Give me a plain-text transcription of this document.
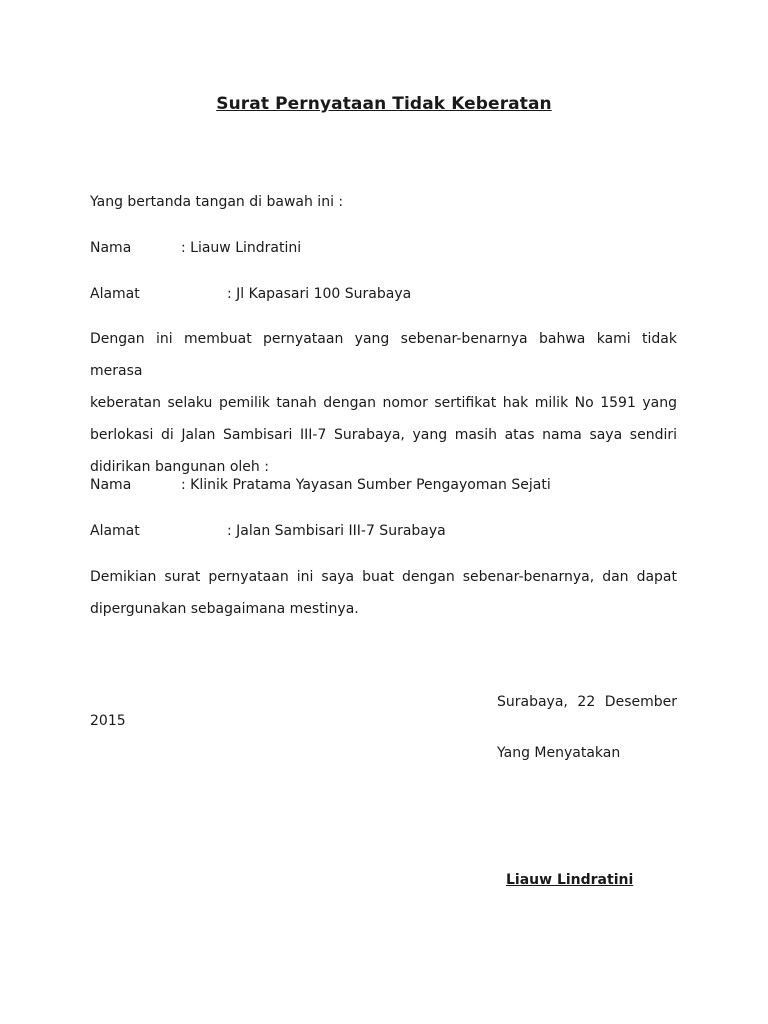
Surat Pernyataan Tidak Keberatan
Yang bertanda tangan di bawah ini :
Nama	: Liauw Lindratini
Alamat	: Jl Kapasari 100 Surabaya
Dengan ini membuat pernyataan yang sebenar-benarnya bahwa kami tidak merasa
keberatan selaku pemilik tanah dengan nomor sertifikat hak milik No 1591 yang
berlokasi di Jalan Sambisari III-7 Surabaya, yang masih atas nama saya sendiri
didirikan bangunan oleh :
Nama	: Klinik Pratama Yayasan Sumber Pengayoman Sejati
Alamat	: Jalan Sambisari III-7 Surabaya
Demikian surat pernyataan ini saya buat dengan sebenar-benarnya, dan dapat
dipergunakan sebagaimana mestinya.
Surabaya, 22 Desember
2015
Yang Menyatakan
Liauw Lindratini
